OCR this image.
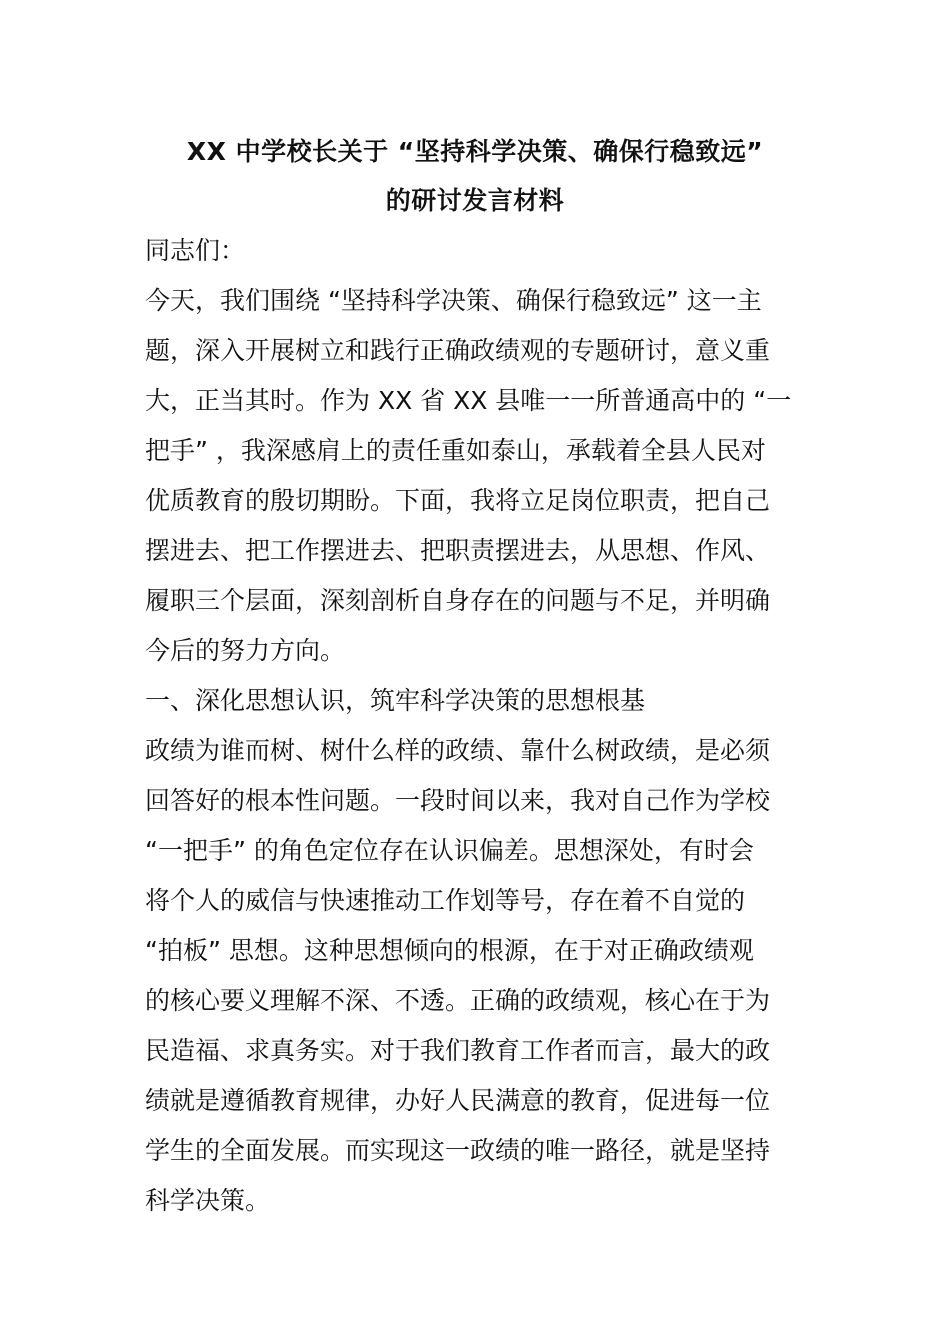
XX 中学校长关于 “坚持科学决策、确保行稳致远”
的研讨发言材料
同志们：
今天，我们围绕 “坚持科学决策、确保行稳致远” 这一主
题，深入开展树立和践行正确政绩观的专题研讨，意义重
大，正当其时。作为 XX 省 XX 县唯一一所普通高中的 “一
把手” ，我深感肩上的责任重如泰山，承载着全县人民对
优质教育的殷切期盼。下面，我将立足岗位职责，把自己
摆进去、把工作摆进去、把职责摆进去，从思想、作风、
履职三个层面，深刻剖析自身存在的问题与不足，并明确
今后的努力方向。
一、深化思想认识，筑牢科学决策的思想根基
政绩为谁而树、树什么样的政绩、靠什么树政绩，是必须
回答好的根本性问题。一段时间以来，我对自己作为学校
“一把手” 的角色定位存在认识偏差。思想深处，有时会
将个人的威信与快速推动工作划等号，存在着不自觉的
“拍板” 思想。这种思想倾向的根源，在于对正确政绩观
的核心要义理解不深、不透。正确的政绩观，核心在于为
民造福、求真务实。对于我们教育工作者而言，最大的政
绩就是遵循教育规律，办好人民满意的教育，促进每一位
学生的全面发展。而实现这一政绩的唯一路径，就是坚持
科学决策。
